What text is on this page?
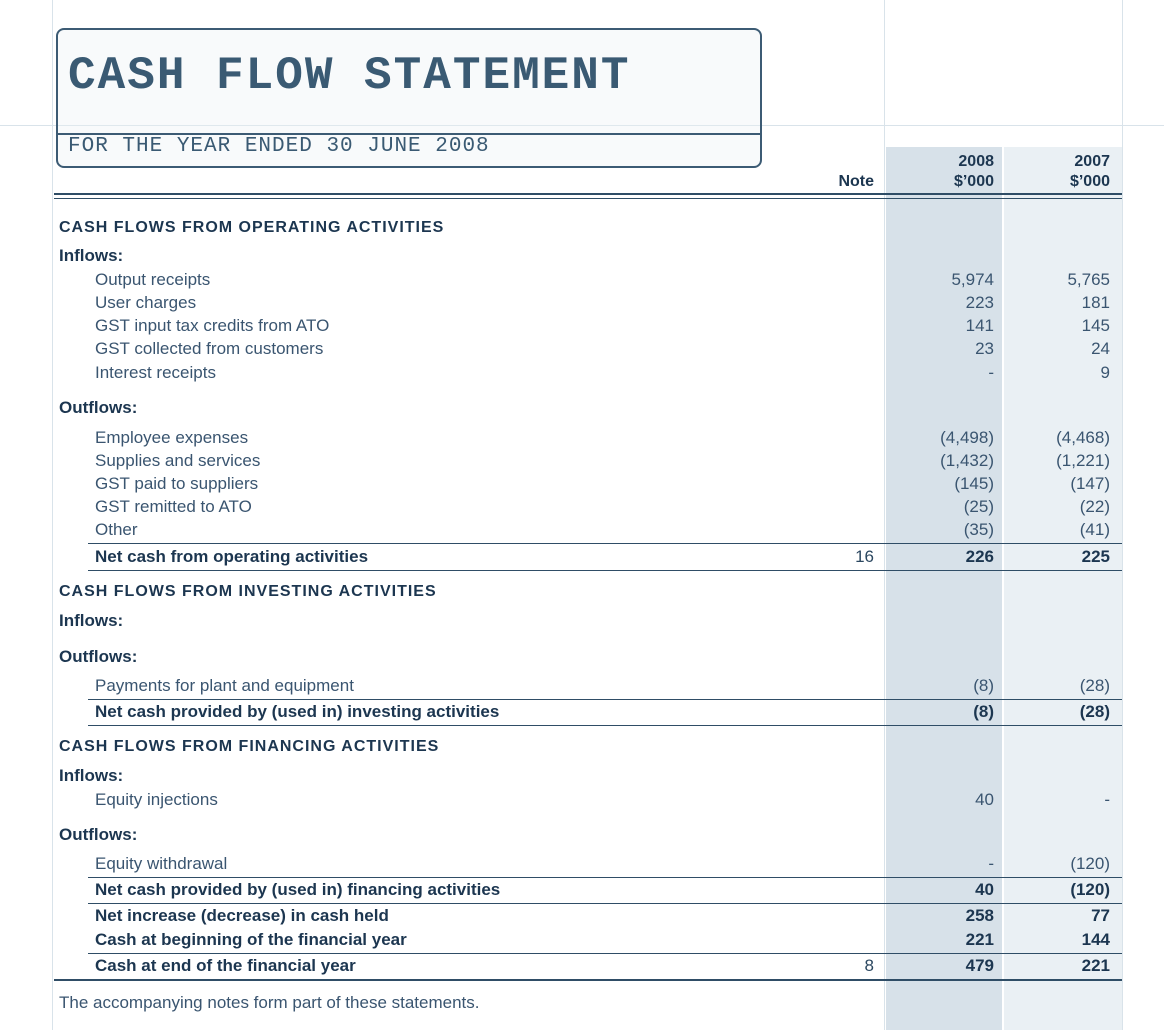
CASH FLOW STATEMENT
FOR THE YEAR ENDED 30 JUNE 2008
Note
2008
$’000
2007
$’000
CASH FLOWS FROM OPERATING ACTIVITIES
Inflows:
Output receipts	5,974	5,765
User charges	223	181
GST input tax credits from ATO	141	145
GST collected from customers	23	24
Interest receipts	-	9
Outflows:
Employee expenses	(4,498)	(4,468)
Supplies and services	(1,432)	(1,221)
GST paid to suppliers	(145)	(147)
GST remitted to ATO	(25)	(22)
Other	(35)	(41)
Net cash from operating activities	16	226	225
CASH FLOWS FROM INVESTING ACTIVITIES
Inflows:
Outflows:
Payments for plant and equipment	(8)	(28)
Net cash provided by (used in) investing activities	(8)	(28)
CASH FLOWS FROM FINANCING ACTIVITIES
Inflows:
Equity injections	40	-
Outflows:
Equity withdrawal	-	(120)
Net cash provided by (used in) financing activities	40	(120)
Net increase (decrease) in cash held	258	77
Cash at beginning of the financial year	221	144
Cash at end of the financial year	8	479	221
The accompanying notes form part of these statements.
